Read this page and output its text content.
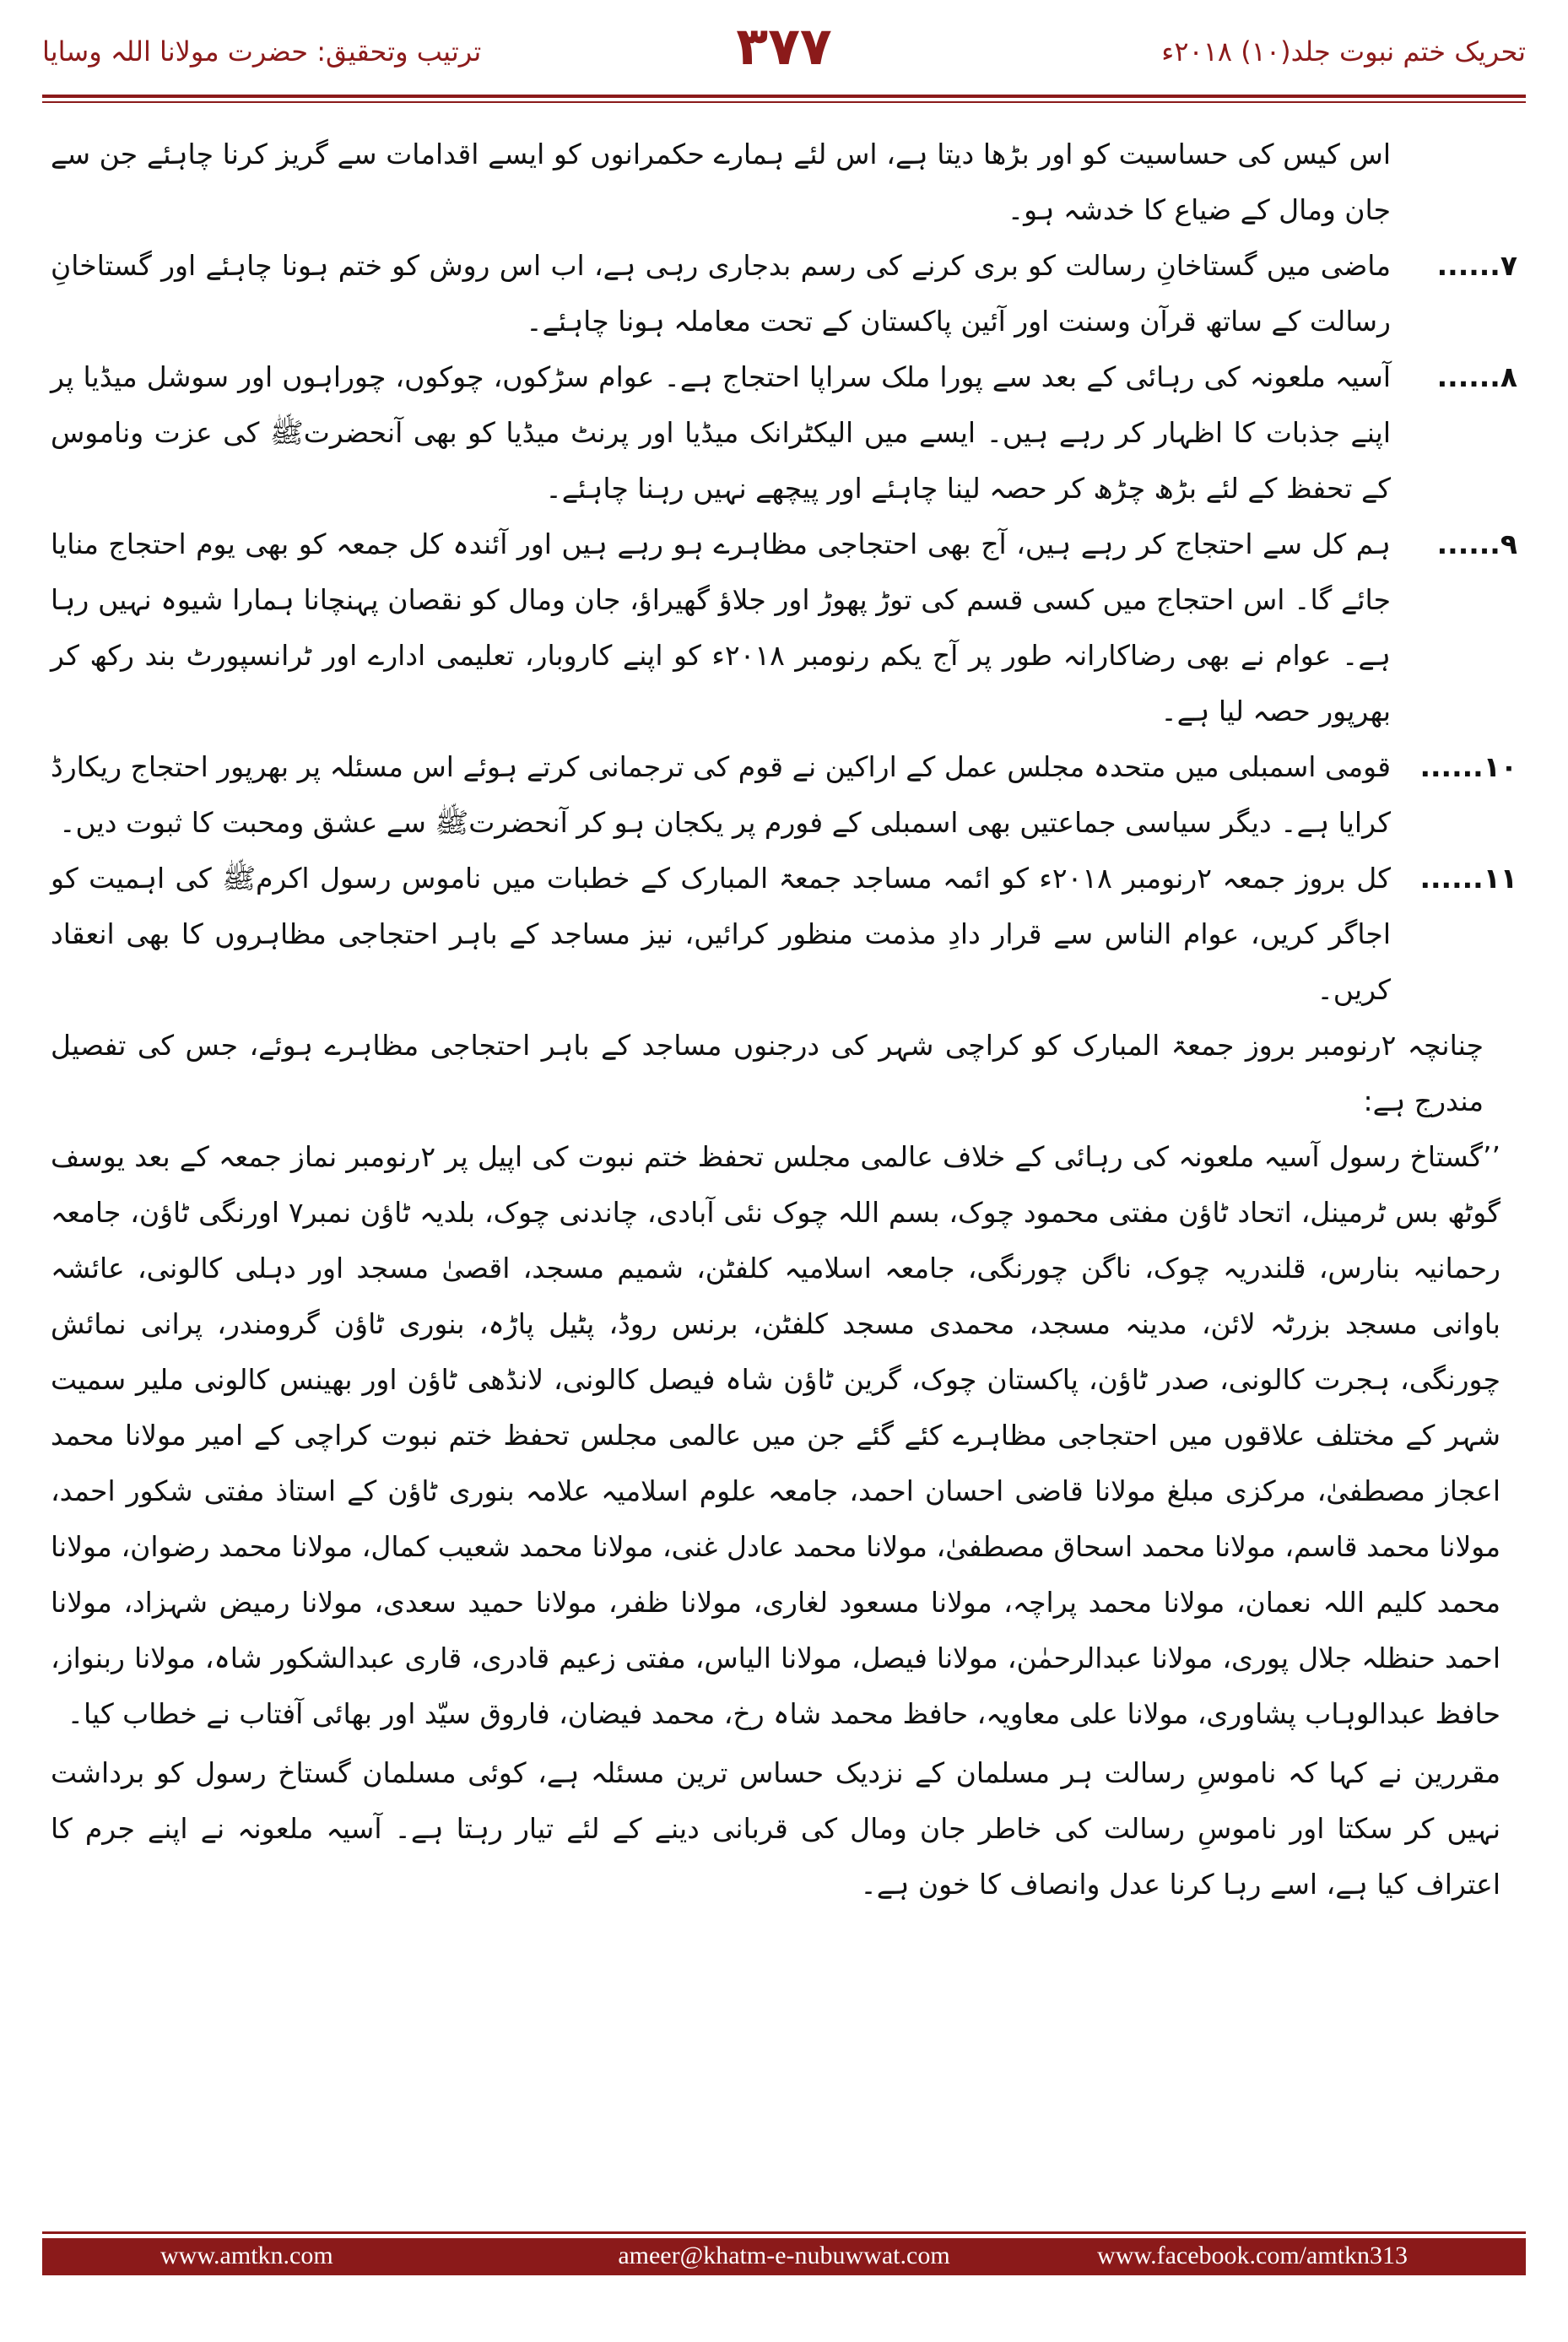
تحریک ختم نبوت جلد(۱۰) ۲۰۱۸ء
۳۷۷
ترتیب وتحقیق: حضرت مولانا اللہ وسایا

اس کیس کی حساسیت کو اور بڑھا دیتا ہے، اس لئے ہمارے حکمرانوں کو ایسے اقدامات سے گریز کرنا چاہئے جن سے جان ومال کے ضیاع کا خدشہ ہو۔

۷......
ماضی میں گستاخانِ رسالت کو بری کرنے کی رسم بدجاری رہی ہے، اب اس روش کو ختم ہونا چاہئے اور گستاخانِ رسالت کے ساتھ قرآن وسنت اور آئین پاکستان کے تحت معاملہ ہونا چاہئے۔
۸......
آسیہ ملعونہ کی رہائی کے بعد سے پورا ملک سراپا احتجاج ہے۔ عوام سڑکوں، چوکوں، چوراہوں اور سوشل میڈیا پر اپنے جذبات کا اظہار کر رہے ہیں۔ ایسے میں الیکٹرانک میڈیا اور پرنٹ میڈیا کو بھی آنحضرتﷺ کی عزت وناموس کے تحفظ کے لئے بڑھ چڑھ کر حصہ لینا چاہئے اور پیچھے نہیں رہنا چاہئے۔
۹......
ہم کل سے احتجاج کر رہے ہیں، آج بھی احتجاجی مظاہرے ہو رہے ہیں اور آئندہ کل جمعہ کو بھی یوم احتجاج منایا جائے گا۔ اس احتجاج میں کسی قسم کی توڑ پھوڑ اور جلاؤ گھیراؤ، جان ومال کو نقصان پہنچانا ہمارا شیوہ نہیں رہا ہے۔ عوام نے بھی رضاکارانہ طور پر آج یکم رنومبر ۲۰۱۸ء کو اپنے کاروبار، تعلیمی ادارے اور ٹرانسپورٹ بند رکھ کر بھرپور حصہ لیا ہے۔
۱۰......
قومی اسمبلی میں متحدہ مجلس عمل کے اراکین نے قوم کی ترجمانی کرتے ہوئے اس مسئلہ پر بھرپور احتجاج ریکارڈ کرایا ہے۔ دیگر سیاسی جماعتیں بھی اسمبلی کے فورم پر یکجان ہو کر آنحضرتﷺ سے عشق ومحبت کا ثبوت دیں۔
۱۱......
کل بروز جمعہ ۲رنومبر ۲۰۱۸ء کو ائمہ مساجد جمعۃ المبارک کے خطبات میں ناموس رسول اکرمﷺ کی اہمیت کو اجاگر کریں، عوام الناس سے قرار دادِ مذمت منظور کرائیں، نیز مساجد کے باہر احتجاجی مظاہروں کا بھی انعقاد کریں۔

چنانچہ ۲رنومبر بروز جمعۃ المبارک کو کراچی شہر کی درجنوں مساجد کے باہر احتجاجی مظاہرے ہوئے، جس کی تفصیل مندرج ہے:

’’گستاخ رسول آسیہ ملعونہ کی رہائی کے خلاف عالمی مجلس تحفظ ختم نبوت کی اپیل پر ۲رنومبر نماز جمعہ کے بعد یوسف گوٹھ بس ٹرمینل، اتحاد ٹاؤن مفتی محمود چوک، بسم اللہ چوک نئی آبادی، چاندنی چوک، بلدیہ ٹاؤن نمبر۷ اورنگی ٹاؤن، جامعہ رحمانیہ بنارس، قلندریہ چوک، ناگن چورنگی، جامعہ اسلامیہ کلفٹن، شمیم مسجد، اقصیٰ مسجد اور دہلی کالونی، عائشہ باوانی مسجد بزرٹہ لائن، مدینہ مسجد، محمدی مسجد کلفٹن، برنس روڈ، پٹیل پاڑہ، بنوری ٹاؤن گرومندر، پرانی نمائش چورنگی، ہجرت کالونی، صدر ٹاؤن، پاکستان چوک، گرین ٹاؤن شاہ فیصل کالونی، لانڈھی ٹاؤن اور بھینس کالونی ملیر سمیت شہر کے مختلف علاقوں میں احتجاجی مظاہرے کئے گئے جن میں عالمی مجلس تحفظ ختم نبوت کراچی کے امیر مولانا محمد اعجاز مصطفیٰ، مرکزی مبلغ مولانا قاضی احسان احمد، جامعہ علوم اسلامیہ علامہ بنوری ٹاؤن کے استاذ مفتی شکور احمد، مولانا محمد قاسم، مولانا محمد اسحاق مصطفیٰ، مولانا محمد عادل غنی، مولانا محمد شعیب کمال، مولانا محمد رضوان، مولانا محمد کلیم اللہ نعمان، مولانا محمد پراچہ، مولانا مسعود لغاری، مولانا ظفر، مولانا حمید سعدی، مولانا رمیض شہزاد، مولانا احمد حنظلہ جلال پوری، مولانا عبدالرحمٰن، مولانا فیصل، مولانا الیاس، مفتی زعیم قادری، قاری عبدالشکور شاہ، مولانا ربنواز، حافظ عبدالوہاب پشاوری، مولانا علی معاویہ، حافظ محمد شاہ رخ، محمد فیضان، فاروق سیّد اور بھائی آفتاب نے خطاب کیا۔

مقررین نے کہا کہ ناموسِ رسالت ہر مسلمان کے نزدیک حساس ترین مسئلہ ہے، کوئی مسلمان گستاخ رسول کو برداشت نہیں کر سکتا اور ناموسِ رسالت کی خاطر جان ومال کی قربانی دینے کے لئے تیار رہتا ہے۔ آسیہ ملعونہ نے اپنے جرم کا اعتراف کیا ہے، اسے رہا کرنا عدل وانصاف کا خون ہے۔

www.amtkn.com	ameer@khatm-e-nubuwwat.com	www.facebook.com/amtkn313
